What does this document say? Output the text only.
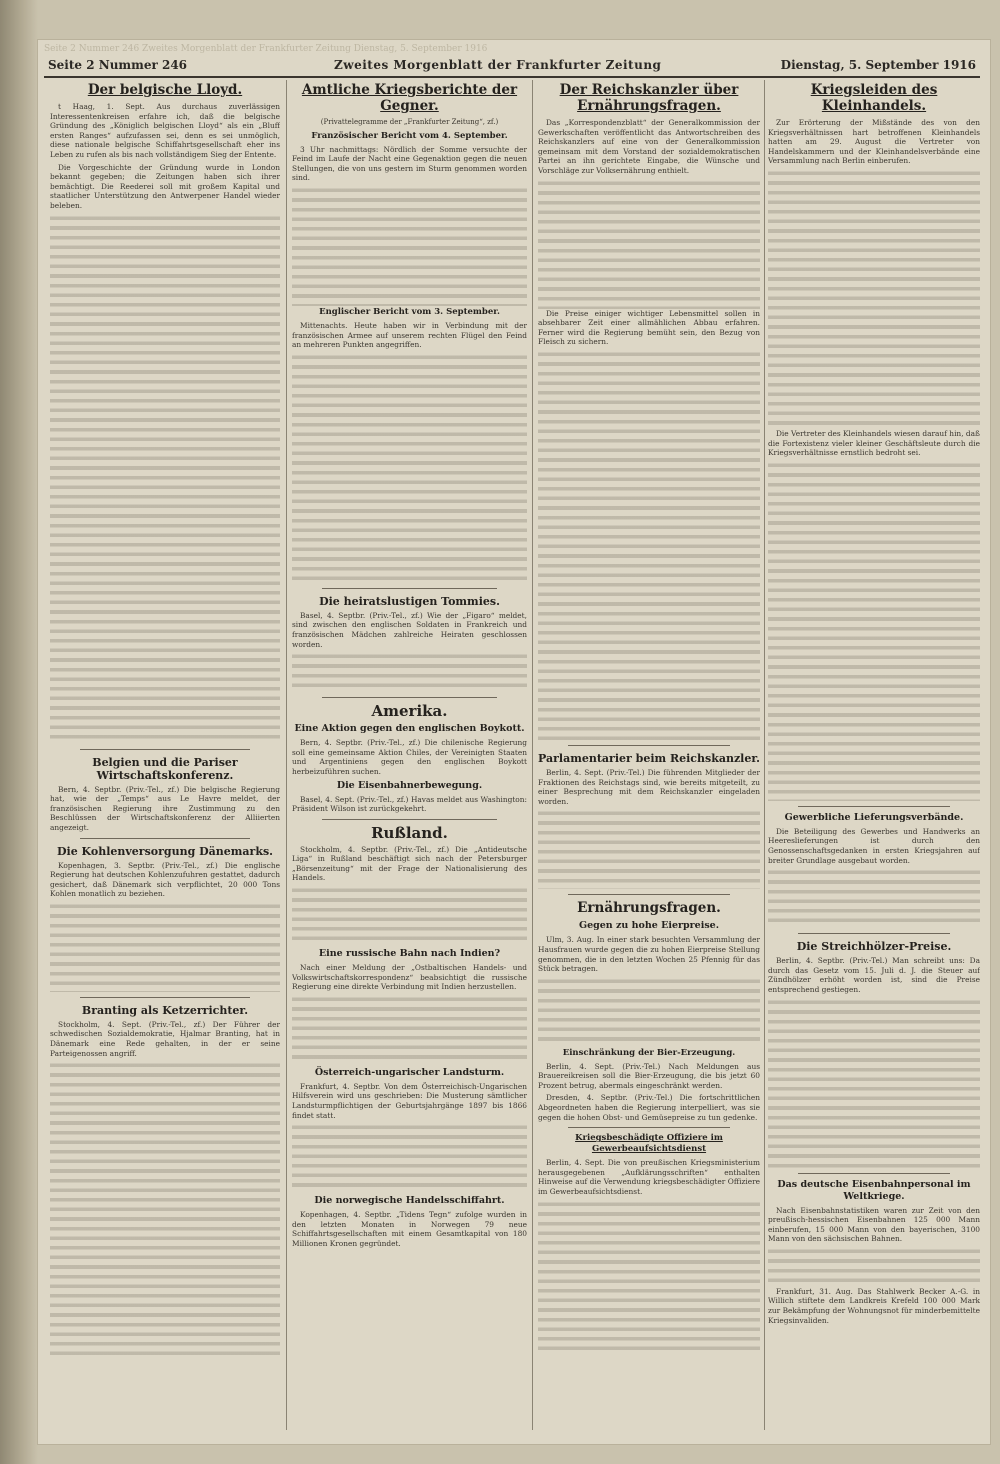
Seite 2 Nummer 246 Zweites Morgenblatt der Frankfurter Zeitung Dienstag, 5. September 1916
Seite 2 Nummer 246	Zweites Morgenblatt der Frankfurter Zeitung	Dienstag, 5. September 1916
Der belgische Lloyd.

t Haag, 1. Sept. Aus durchaus zuverlässigen Interessentenkreisen erfahre ich, daß die belgische Gründung des „Königlich belgischen Lloyd“ als ein „Bluff ersten Ranges“ aufzufassen sei, denn es sei unmöglich, diese nationale belgische Schiffahrtsgesellschaft eher ins Leben zu rufen als bis nach vollständigem Sieg der Entente.

Die Vorgeschichte der Gründung wurde in London bekannt gegeben; die Zeitungen haben sich ihrer bemächtigt. Die Reederei soll mit großem Kapital und staatlicher Unterstützung den Antwerpener Handel wieder beleben.

Belgien und die Pariser Wirtschaftskonferenz.

Bern, 4. Septbr. (Priv.-Tel., zf.) Die belgische Regierung hat, wie der „Temps“ aus Le Havre meldet, der französischen Regierung ihre Zustimmung zu den Beschlüssen der Wirtschaftskonferenz der Alliierten angezeigt.

Die Kohlenversorgung Dänemarks.

Kopenhagen, 3. Septbr. (Priv.-Tel., zf.) Die englische Regierung hat deutschen Kohlenzufuhren gestattet, dadurch gesichert, daß Dänemark sich verpflichtet, 20 000 Tons Kohlen monatlich zu beziehen.

Branting als Ketzerrichter.

Stockholm, 4. Sept. (Priv.-Tel., zf.) Der Führer der schwedischen Sozialdemokratie, Hjalmar Branting, hat in Dänemark eine Rede gehalten, in der er seine Parteigenossen angriff.

Amtliche Kriegsberichte der Gegner.
(Privattelegramme der „Frankfurter Zeitung“, zf.)
Französischer Bericht vom 4. September.

3 Uhr nachmittags: Nördlich der Somme versuchte der Feind im Laufe der Nacht eine Gegenaktion gegen die neuen Stellungen, die von uns gestern im Sturm genommen worden sind.

Englischer Bericht vom 3. September.

Mittenachts. Heute haben wir in Verbindung mit der französischen Armee auf unserem rechten Flügel den Feind an mehreren Punkten angegriffen.

Die heiratslustigen Tommies.

Basel, 4. Septbr. (Priv.-Tel., zf.) Wie der „Figaro“ meldet, sind zwischen den englischen Soldaten in Frankreich und französischen Mädchen zahlreiche Heiraten geschlossen worden.

Amerika.
Eine Aktion gegen den englischen Boykott.

Bern, 4. Septbr. (Priv.-Tel., zf.) Die chilenische Regierung soll eine gemeinsame Aktion Chiles, der Vereinigten Staaten und Argentiniens gegen den englischen Boykott herbeizuführen suchen.

Die Eisenbahnerbewegung.

Basel, 4. Sept. (Priv.-Tel., zf.) Havas meldet aus Washington: Präsident Wilson ist zurückgekehrt.

Rußland.

Stockholm, 4. Septbr. (Priv.-Tel., zf.) Die „Antideutsche Liga“ in Rußland beschäftigt sich nach der Petersburger „Börsenzeitung“ mit der Frage der Nationalisierung des Handels.

Eine russische Bahn nach Indien?

Nach einer Meldung der „Ostbaltischen Handels- und Volkswirtschaftskorrespondenz“ beabsichtigt die russische Regierung eine direkte Verbindung mit Indien herzustellen.

Österreich-ungarischer Landsturm.

Frankfurt, 4. Septbr. Von dem Österreichisch-Ungarischen Hilfsverein wird uns geschrieben: Die Musterung sämtlicher Landsturmpflichtigen der Geburtsjahrgänge 1897 bis 1866 findet statt.

Die norwegische Handelsschiffahrt.

Kopenhagen, 4. Septbr. „Tidens Tegn“ zufolge wurden in den letzten Monaten in Norwegen 79 neue Schiffahrtsgesellschaften mit einem Gesamtkapital von 180 Millionen Kronen gegründet.

Der Reichskanzler über Ernährungsfragen.

Das „Korrespondenzblatt“ der Generalkommission der Gewerkschaften veröffentlicht das Antwortschreiben des Reichskanzlers auf eine von der Generalkommission gemeinsam mit dem Vorstand der sozialdemokratischen Partei an ihn gerichtete Eingabe, die Wünsche und Vorschläge zur Volksernährung enthielt.

Die Preise einiger wichtiger Lebensmittel sollen in absehbarer Zeit einer allmählichen Abbau erfahren. Ferner wird die Regierung bemüht sein, den Bezug von Fleisch zu sichern.

Parlamentarier beim Reichskanzler.

Berlin, 4. Sept. (Priv.-Tel.) Die führenden Mitglieder der Fraktionen des Reichstags sind, wie bereits mitgeteilt, zu einer Besprechung mit dem Reichskanzler eingeladen worden.

Ernährungsfragen.
Gegen zu hohe Eierpreise.

Ulm, 3. Aug. In einer stark besuchten Versammlung der Hausfrauen wurde gegen die zu hohen Eierpreise Stellung genommen, die in den letzten Wochen 25 Pfennig für das Stück betragen.

Einschränkung der Bier-Erzeugung.

Berlin, 4. Sept. (Priv.-Tel.) Nach Meldungen aus Brauereikreisen soll die Bier-Erzeugung, die bis jetzt 60 Prozent betrug, abermals eingeschränkt werden.

Dresden, 4. Septbr. (Priv.-Tel.) Die fortschrittlichen Abgeordneten haben die Regierung interpelliert, was sie gegen die hohen Obst- und Gemüsepreise zu tun gedenke.

Kriegsbeschädigte Offiziere im Gewerbeaufsichtsdienst

Berlin, 4. Sept. Die von preußischen Kriegsministerium herausgegebenen „Aufklärungsschriften“ enthalten Hinweise auf die Verwendung kriegsbeschädigter Offiziere im Gewerbeaufsichtsdienst.

Kriegsleiden des Kleinhandels.

Zur Erörterung der Mißstände des von den Kriegsverhältnissen hart betroffenen Kleinhandels hatten am 29. August die Vertreter von Handelskammern und der Kleinhandelsverbände eine Versammlung nach Berlin einberufen.

Die Vertreter des Kleinhandels wiesen darauf hin, daß die Fortexistenz vieler kleiner Geschäftsleute durch die Kriegsverhältnisse ernstlich bedroht sei.

Gewerbliche Lieferungsverbände.

Die Beteiligung des Gewerbes und Handwerks an Heereslieferungen ist durch den Genossenschaftsgedanken in ersten Kriegsjahren auf breiter Grundlage ausgebaut worden.

Die Streichhölzer-Preise.

Berlin, 4. Septbr. (Priv.-Tel.) Man schreibt uns: Da durch das Gesetz vom 15. Juli d. J. die Steuer auf Zündhölzer erhöht worden ist, sind die Preise entsprechend gestiegen.

Das deutsche Eisenbahnpersonal im Weltkriege.

Nach Eisenbahnstatistiken waren zur Zeit von den preußisch-hessischen Eisenbahnen 125 000 Mann einberufen, 15 000 Mann von den bayerischen, 3100 Mann von den sächsischen Bahnen.

Frankfurt, 31. Aug. Das Stahlwerk Becker A.-G. in Willich stiftete dem Landkreis Krefeld 100 000 Mark zur Bekämpfung der Wohnungsnot für minderbemittelte Kriegsinvaliden.
